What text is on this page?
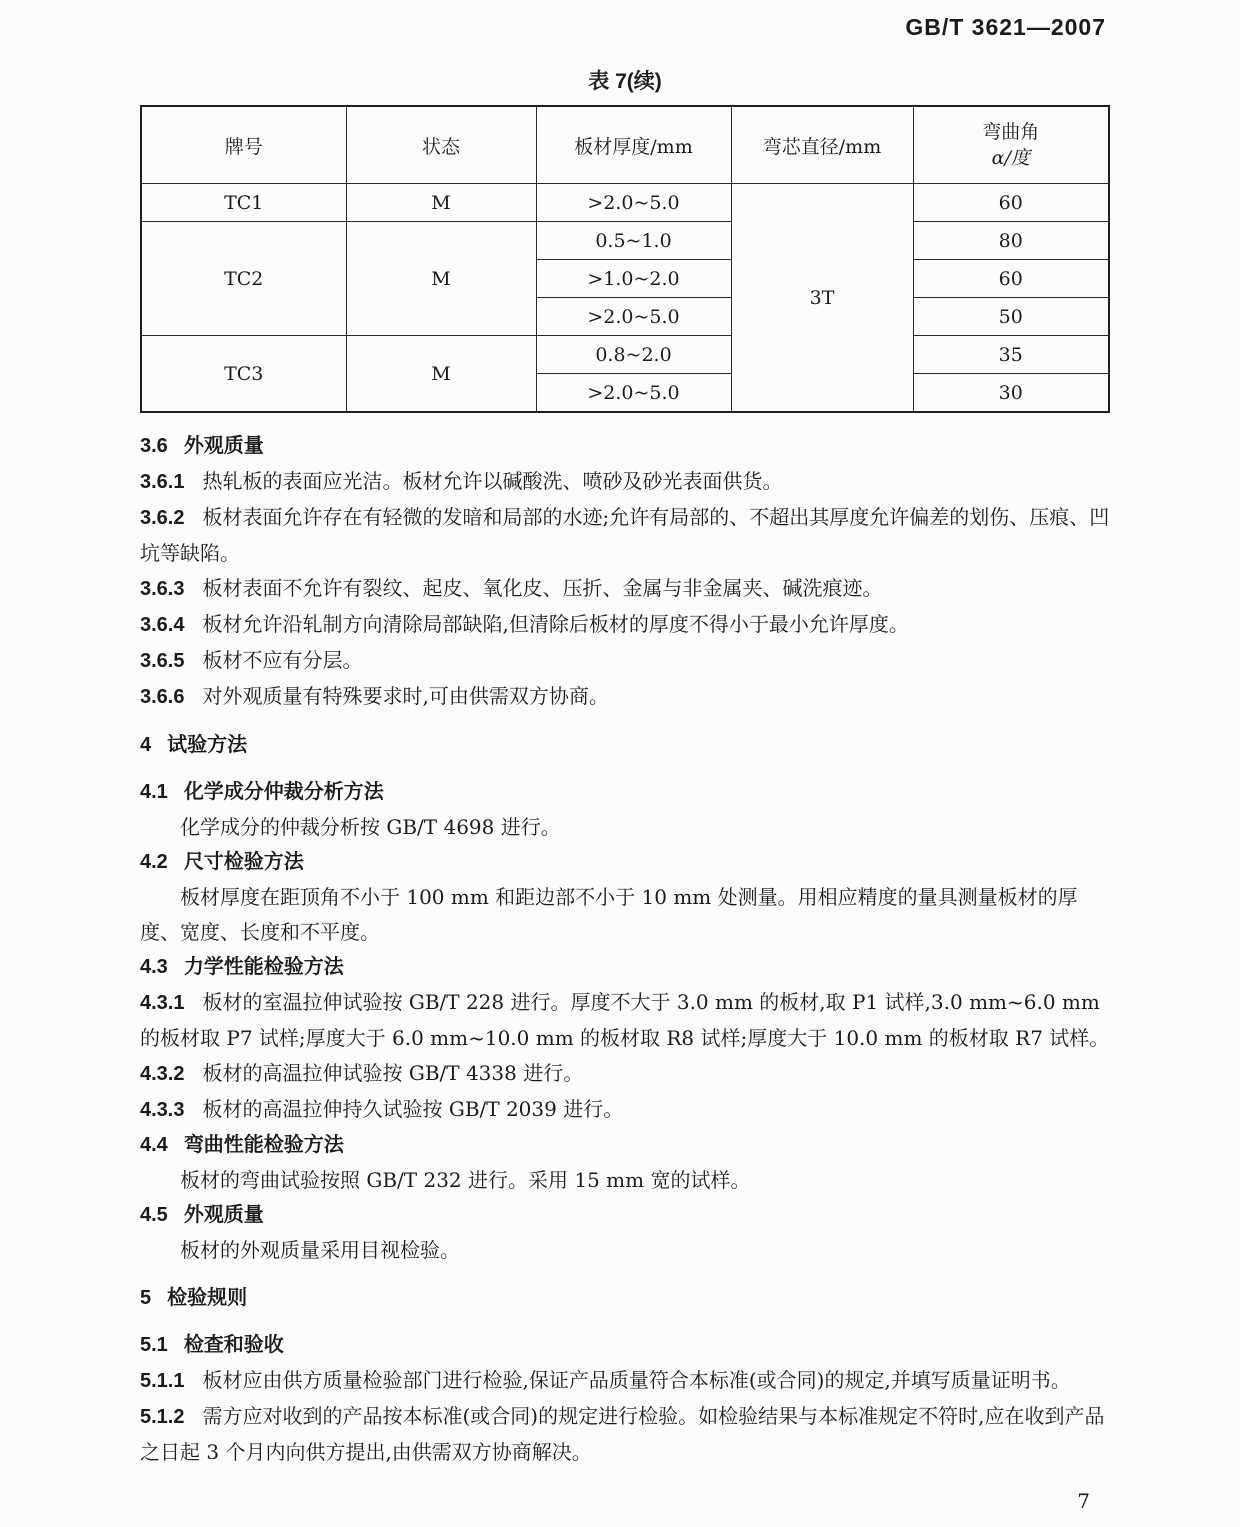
GB/T 3621—2007
表 7(续)
牌号	状态	板材厚度/mm	弯芯直径/mm	弯曲角
α/度

TC1	M	>2.0~5.0	3T	60
TC2	M	0.5~1.0		80
		>1.0~2.0		60
		>2.0~5.0		50
TC3	M	0.8~2.0		35
		>2.0~5.0		30
3.6 外观质量
3.6.1 热轧板的表面应光洁。板材允许以碱酸洗、喷砂及砂光表面供货。
3.6.2 板材表面允许存在有轻微的发暗和局部的水迹;允许有局部的、不超出其厚度允许偏差的划伤、压痕、凹坑等缺陷。
3.6.3 板材表面不允许有裂纹、起皮、氧化皮、压折、金属与非金属夹、碱洗痕迹。
3.6.4 板材允许沿轧制方向清除局部缺陷,但清除后板材的厚度不得小于最小允许厚度。
3.6.5 板材不应有分层。
3.6.6 对外观质量有特殊要求时,可由供需双方协商。
4 试验方法
4.1 化学成分仲裁分析方法
化学成分的仲裁分析按 GB/T 4698 进行。
4.2 尺寸检验方法
板材厚度在距顶角不小于 100 mm 和距边部不小于 10 mm 处测量。用相应精度的量具测量板材的厚度、宽度、长度和不平度。
4.3 力学性能检验方法
4.3.1 板材的室温拉伸试验按 GB/T 228 进行。厚度不大于 3.0 mm 的板材,取 P1 试样,3.0 mm~6.0 mm 的板材取 P7 试样;厚度大于 6.0 mm~10.0 mm 的板材取 R8 试样;厚度大于 10.0 mm 的板材取 R7 试样。
4.3.2 板材的高温拉伸试验按 GB/T 4338 进行。
4.3.3 板材的高温拉伸持久试验按 GB/T 2039 进行。
4.4 弯曲性能检验方法
板材的弯曲试验按照 GB/T 232 进行。采用 15 mm 宽的试样。
4.5 外观质量
板材的外观质量采用目视检验。
5 检验规则
5.1 检查和验收
5.1.1 板材应由供方质量检验部门进行检验,保证产品质量符合本标准(或合同)的规定,并填写质量证明书。
5.1.2 需方应对收到的产品按本标准(或合同)的规定进行检验。如检验结果与本标准规定不符时,应在收到产品之日起 3 个月内向供方提出,由供需双方协商解决。
7
